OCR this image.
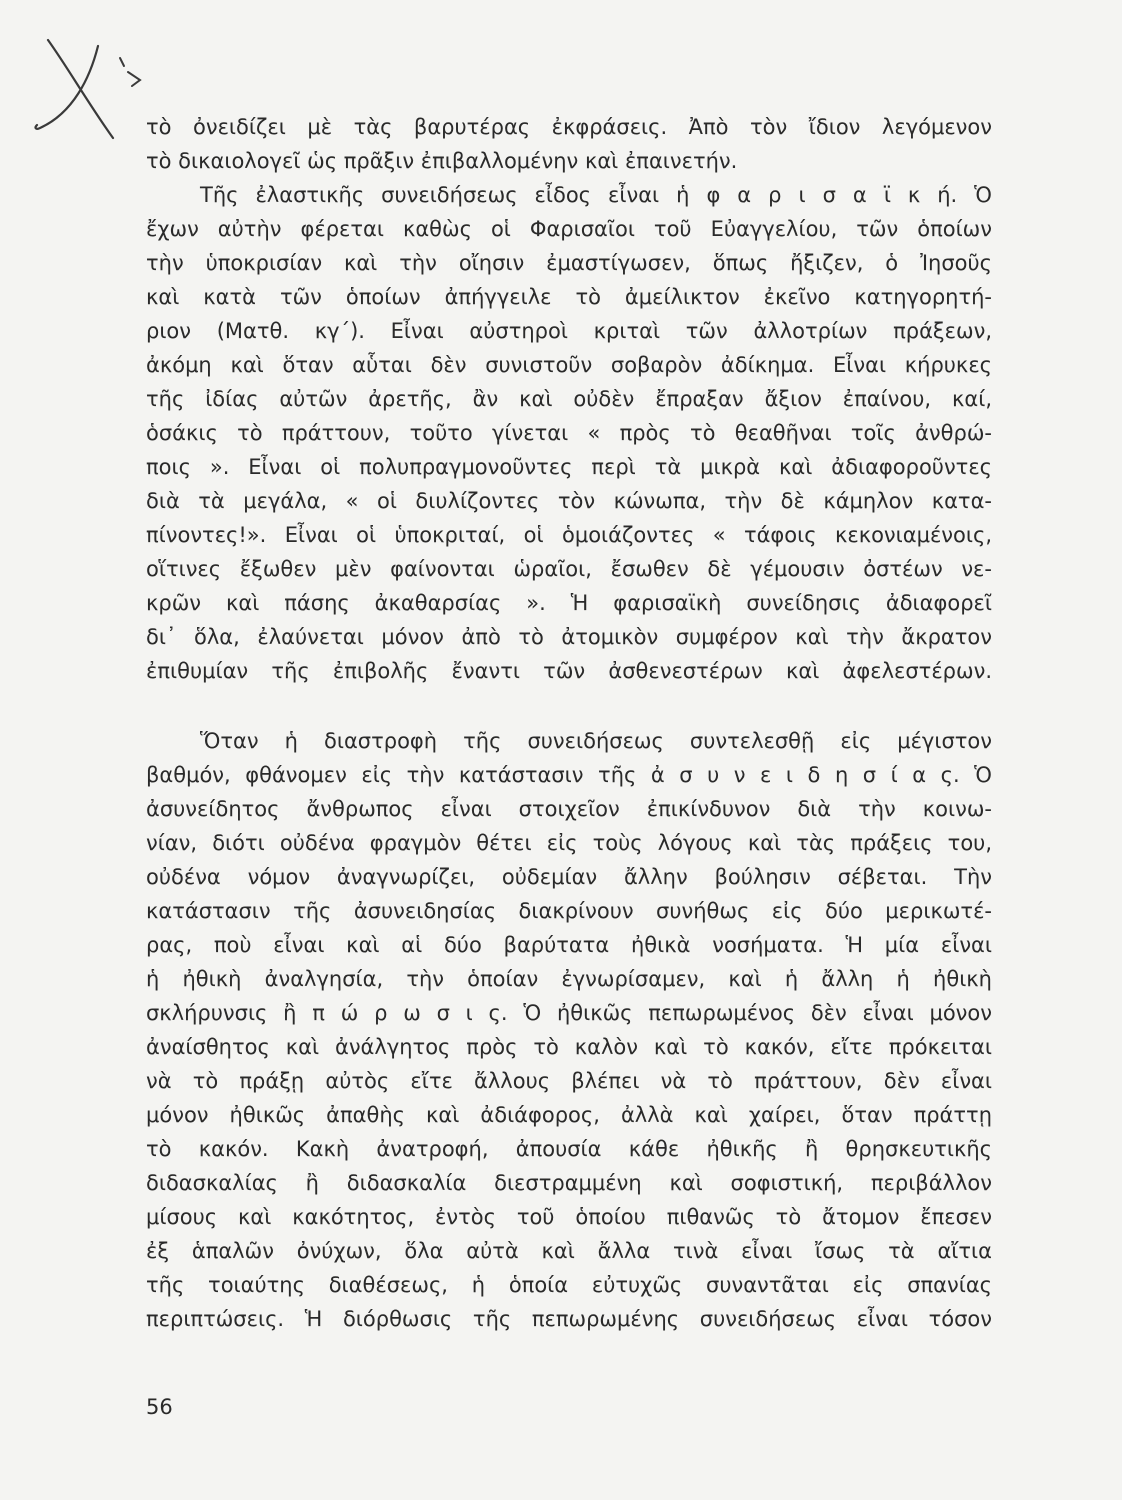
τὸ ὀνειδίζει μὲ τὰς βαρυτέρας ἐκφράσεις. Ἀπὸ τὸν ἴδιον λεγόμενον
τὸ δικαιολογεῖ ὡς πρᾶξιν ἐπιβαλλομένην καὶ ἐπαινετήν.
Τῆς ἐλαστικῆς συνειδήσεως εἶδος εἶναι ἡ φ α ρ ι σ α ϊ κ ή. Ὁ
ἔχων αὐτὴν φέρεται καθὼς οἱ Φαρισαῖοι τοῦ Εὐαγγελίου, τῶν ὁποίων
τὴν ὑποκρισίαν καὶ τὴν οἴησιν ἐμαστίγωσεν, ὅπως ἤξιζεν, ὁ Ἰησοῦς
καὶ κατὰ τῶν ὁποίων ἀπήγγειλε τὸ ἀμείλικτον ἐκεῖνο κατηγορητή-
ριον (Ματθ. κγ΄). Εἶναι αὐστηροὶ κριταὶ τῶν ἀλλοτρίων πράξεων,
ἀκόμη καὶ ὅταν αὗται δὲν συνιστοῦν σοβαρὸν ἀδίκημα. Εἶναι κήρυκες
τῆς ἰδίας αὐτῶν ἀρετῆς, ἂν καὶ οὐδὲν ἔπραξαν ἄξιον ἐπαίνου, καί,
ὁσάκις τὸ πράττουν, τοῦτο γίνεται « πρὸς τὸ θεαθῆναι τοῖς ἀνθρώ-
ποις ». Εἶναι οἱ πολυπραγμονοῦντες περὶ τὰ μικρὰ καὶ ἀδιαφοροῦντες
διὰ τὰ μεγάλα, « οἱ διυλίζοντες τὸν κώνωπα, τὴν δὲ κάμηλον κατα-
πίνοντες!». Εἶναι οἱ ὑποκριταί, οἱ ὁμοιάζοντες « τάφοις κεκονιαμένοις,
οἵτινες ἔξωθεν μὲν φαίνονται ὡραῖοι, ἔσωθεν δὲ γέμουσιν ὀστέων νε-
κρῶν καὶ πάσης ἀκαθαρσίας ». Ἡ φαρισαϊκὴ συνείδησις ἀδιαφορεῖ
δι᾿ ὅλα, ἐλαύνεται μόνον ἀπὸ τὸ ἀτομικὸν συμφέρον καὶ τὴν ἄκρατον
ἐπιθυμίαν τῆς ἐπιβολῆς ἔναντι τῶν ἀσθενεστέρων καὶ ἀφελεστέρων.
Ὅταν ἡ διαστροφὴ τῆς συνειδήσεως συντελεσθῇ εἰς μέγιστον
βαθμόν, φθάνομεν εἰς τὴν κατάστασιν τῆς ἀ σ υ ν ε ι δ η σ ί α ς. Ὁ
ἀσυνείδητος ἄνθρωπος εἶναι στοιχεῖον ἐπικίνδυνον διὰ τὴν κοινω-
νίαν, διότι οὐδένα φραγμὸν θέτει εἰς τοὺς λόγους καὶ τὰς πράξεις του,
οὐδένα νόμον ἀναγνωρίζει, οὐδεμίαν ἄλλην βούλησιν σέβεται. Τὴν
κατάστασιν τῆς ἀσυνειδησίας διακρίνουν συνήθως εἰς δύο μερικωτέ-
ρας, ποὺ εἶναι καὶ αἱ δύο βαρύτατα ἠθικὰ νοσήματα. Ἡ μία εἶναι
ἡ ἠθικὴ ἀναλγησία, τὴν ὁποίαν ἐγνωρίσαμεν, καὶ ἡ ἄλλη ἡ ἠθικὴ
σκλήρυνσις ἢ π ώ ρ ω σ ι ς. Ὁ ἠθικῶς πεπωρωμένος δὲν εἶναι μόνον
ἀναίσθητος καὶ ἀνάλγητος πρὸς τὸ καλὸν καὶ τὸ κακόν, εἴτε πρόκειται
νὰ τὸ πράξῃ αὐτὸς εἴτε ἄλλους βλέπει νὰ τὸ πράττουν, δὲν εἶναι
μόνον ἠθικῶς ἀπαθὴς καὶ ἀδιάφορος, ἀλλὰ καὶ χαίρει, ὅταν πράττῃ
τὸ κακόν. Κακὴ ἀνατροφή, ἀπουσία κάθε ἠθικῆς ἢ θρησκευτικῆς
διδασκαλίας ἢ διδασκαλία διεστραμμένη καὶ σοφιστική, περιβάλλον
μίσους καὶ κακότητος, ἐντὸς τοῦ ὁποίου πιθανῶς τὸ ἄτομον ἔπεσεν
ἐξ ἁπαλῶν ὀνύχων, ὅλα αὐτὰ καὶ ἄλλα τινὰ εἶναι ἴσως τὰ αἴτια
τῆς τοιαύτης διαθέσεως, ἡ ὁποία εὐτυχῶς συναντᾶται εἰς σπανίας
περιπτώσεις. Ἡ διόρθωσις τῆς πεπωρωμένης συνειδήσεως εἶναι τόσον
56
